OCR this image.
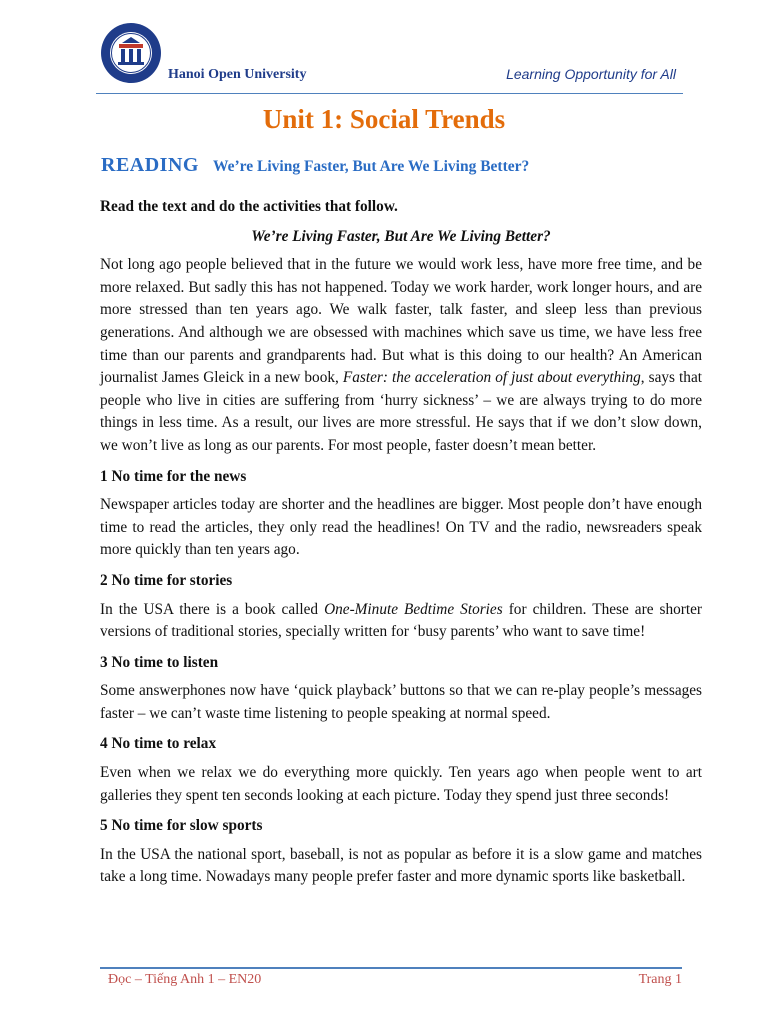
Hanoi Open University	Learning Opportunity for All
Unit 1: Social Trends
READING We’re Living Faster, But Are We Living Better?

Read the text and do the activities that follow.

We’re Living Faster, But Are We Living Better?

Not long ago people believed that in the future we would work less, have more free time, and be more relaxed. But sadly this has not happened. Today we work harder, work longer hours, and are more stressed than ten years ago. We walk faster, talk faster, and sleep less than previous generations. And although we are obsessed with machines which save us time, we have less free time than our parents and grandparents had. But what is this doing to our health? An American journalist James Gleick in a new book, Faster: the acceleration of just about everything, says that people who live in cities are suffering from ‘hurry sickness’ – we are always trying to do more things in less time. As a result, our lives are more stressful. He says that if we don’t slow down, we won’t live as long as our parents. For most people, faster doesn’t mean better.

1 No time for the news

Newspaper articles today are shorter and the headlines are bigger. Most people don’t have enough time to read the articles, they only read the headlines! On TV and the radio, newsreaders speak more quickly than ten years ago.

2 No time for stories

In the USA there is a book called One-Minute Bedtime Stories for children. These are shorter versions of traditional stories, specially written for ‘busy parents’ who want to save time!

3 No time to listen

Some answerphones now have ‘quick playback’ buttons so that we can re-play people’s messages faster – we can’t waste time listening to people speaking at normal speed.

4 No time to relax

Even when we relax we do everything more quickly. Ten years ago when people went to art galleries they spent ten seconds looking at each picture. Today they spend just three seconds!

5 No time for slow sports

In the USA the national sport, baseball, is not as popular as before it is a slow game and matches take a long time. Nowadays many people prefer faster and more dynamic sports like basketball.

Đọc – Tiếng Anh 1 – EN20	Trang 1
